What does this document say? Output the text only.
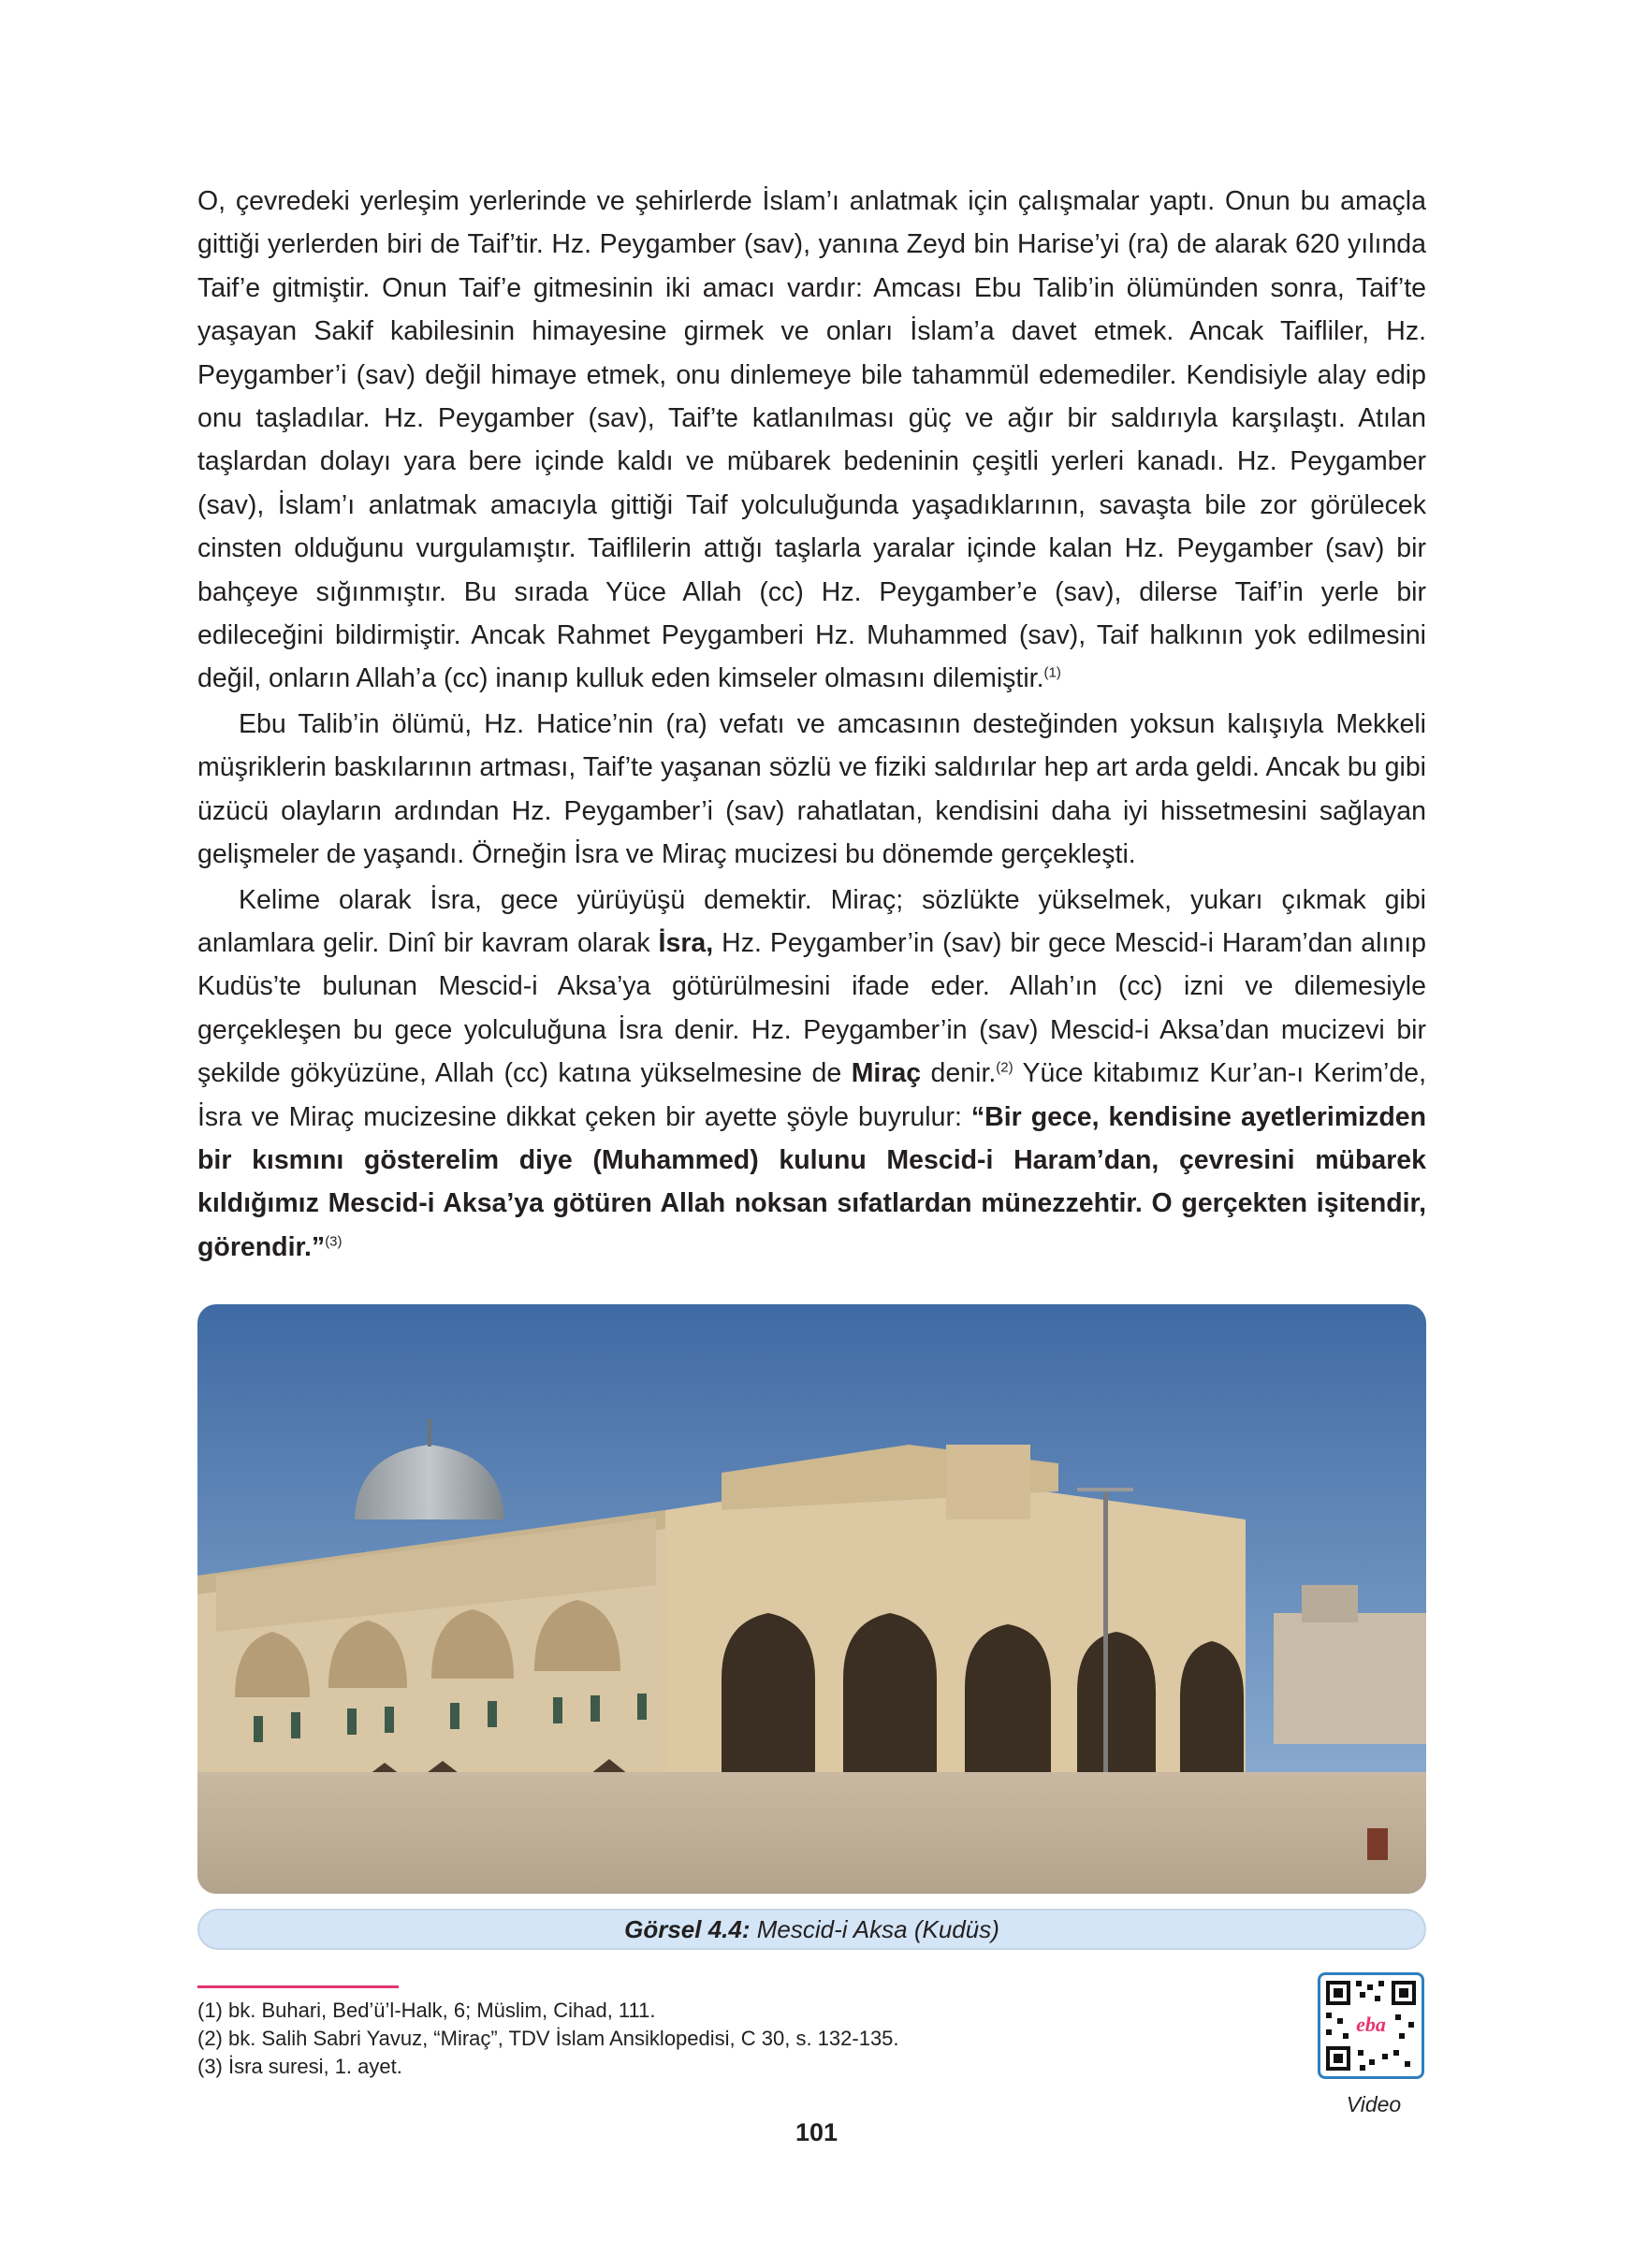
O, çevredeki yerleşim yerlerinde ve şehirlerde İslam’ı anlatmak için çalışmalar yaptı. Onun bu amaçla gittiği yerlerden biri de Taif’tir. Hz. Peygamber (sav), yanına Zeyd bin Harise’yi (ra) de alarak 620 yılında Taif’e gitmiştir. Onun Taif’e gitmesinin iki amacı vardır: Amcası Ebu Talib’in ölümünden sonra, Taif’te yaşayan Sakif kabilesinin himayesine girmek ve onları İslam’a davet etmek. Ancak Taifliler, Hz. Peygamber’i (sav) değil himaye etmek, onu dinlemeye bile tahammül edemediler. Kendisiyle alay edip onu taşladılar. Hz. Peygamber (sav), Taif’te katlanılması güç ve ağır bir saldırıyla karşılaştı. Atılan taşlardan dolayı yara bere içinde kaldı ve mübarek bedeninin çeşitli yerleri kanadı. Hz. Peygamber (sav), İslam’ı anlatmak amacıyla gittiği Taif yolculuğunda yaşadıklarının, savaşta bile zor görülecek cinsten olduğunu vurgulamıştır. Taiflilerin attığı taşlarla yaralar içinde kalan Hz. Peygamber (sav) bir bahçeye sığınmıştır. Bu sırada Yüce Allah (cc) Hz. Peygamber’e (sav), dilerse Taif’in yerle bir edileceğini bildirmiştir. Ancak Rahmet Peygamberi Hz. Muhammed (sav), Taif halkının yok edilmesini değil, onların Allah’a (cc) inanıp kulluk eden kimseler olmasını dilemiştir.$^{(1)}$

Ebu Talib’in ölümü, Hz. Hatice’nin (ra) vefatı ve amcasının desteğinden yoksun kalışıyla Mekkeli müşriklerin baskılarının artması, Taif’te yaşanan sözlü ve fiziki saldırılar hep art arda geldi. Ancak bu gibi üzücü olayların ardından Hz. Peygamber’i (sav) rahatlatan, kendisini daha iyi hissetmesini sağlayan gelişmeler de yaşandı. Örneğin İsra ve Miraç mucizesi bu dönemde gerçekleşti.

Kelime olarak İsra, gece yürüyüşü demektir. Miraç; sözlükte yükselmek, yukarı çıkmak gibi anlamlara gelir. Dinî bir kavram olarak İsra, Hz. Peygamber’in (sav) bir gece Mescid-i Haram’dan alınıp Kudüs’te bulunan Mescid-i Aksa’ya götürülmesini ifade eder. Allah’ın (cc) izni ve dilemesiyle gerçekleşen bu gece yolculuğuna İsra denir. Hz. Peygamber’in (sav) Mescid-i Aksa’dan mucizevi bir şekilde gökyüzüne, Allah (cc) katına yükselmesine de Miraç denir.$^{(2)}$ Yüce kitabımız Kur’an-ı Kerim’de, İsra ve Miraç mucizesine dikkat çeken bir ayette şöyle buyrulur: “Bir gece, kendisine ayetlerimizden bir kısmını gösterelim diye (Muhammed) kulunu Mescid-i Haram’dan, çevresini mübarek kıldığımız Mescid-i Aksa’ya götüren Allah noksan sıfatlardan münezzehtir. O gerçekten işitendir, görendir.”$^{(3)}$

Görsel 4.4: Mescid-i Aksa (Kudüs)
(1) bk. Buhari, Bed’ü’l-Halk, 6; Müslim, Cihad, 111.
(2) bk. Salih Sabri Yavuz, “Miraç”, TDV İslam Ansiklopedisi, C 30, s. 132-135.
(3) İsra suresi, 1. ayet.
eba
Video
101
